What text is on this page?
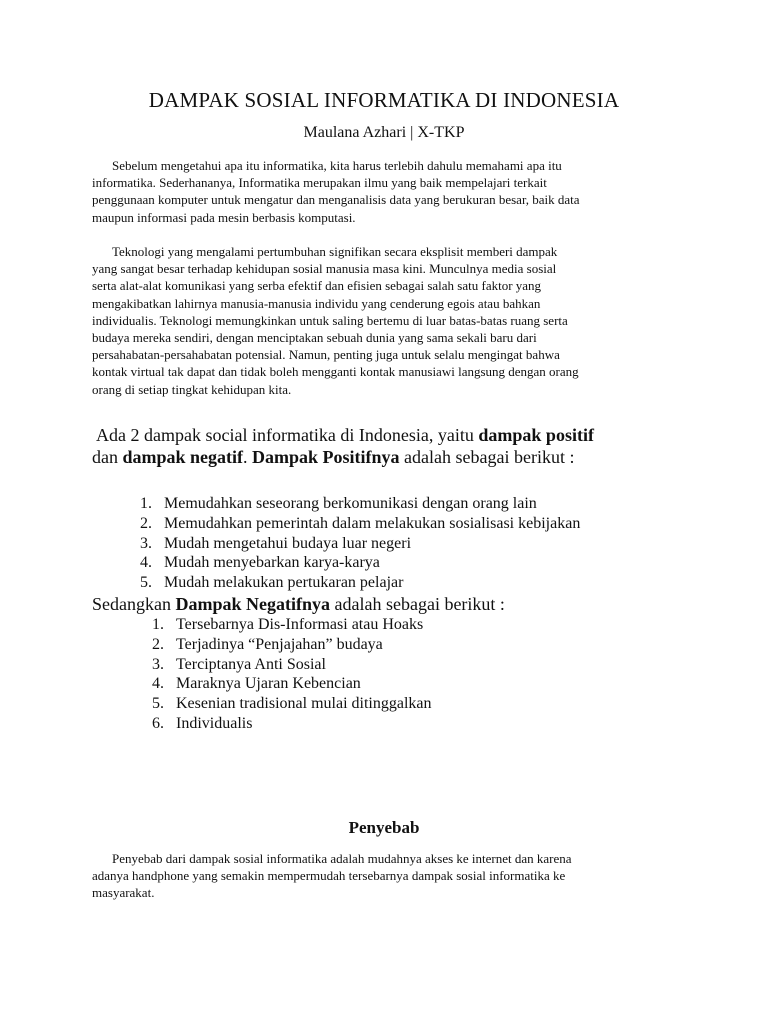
DAMPAK SOSIAL INFORMATIKA DI INDONESIA
Maulana Azhari | X-TKP
Sebelum mengetahui apa itu informatika, kita harus terlebih dahulu memahami apa itu
informatika. Sederhananya, Informatika merupakan ilmu yang baik mempelajari terkait
penggunaan komputer untuk mengatur dan menganalisis data yang berukuran besar, baik data
maupun informasi pada mesin berbasis komputasi.
Teknologi yang mengalami pertumbuhan signifikan secara eksplisit memberi dampak
yang sangat besar terhadap kehidupan sosial manusia masa kini. Munculnya media sosial
serta alat-alat komunikasi yang serba efektif dan efisien sebagai salah satu faktor yang
mengakibatkan lahirnya manusia-manusia individu yang cenderung egois atau bahkan
individualis. Teknologi memungkinkan untuk saling bertemu di luar batas-batas ruang serta
budaya mereka sendiri, dengan menciptakan sebuah dunia yang sama sekali baru dari
persahabatan-persahabatan potensial. Namun, penting juga untuk selalu mengingat bahwa
kontak virtual tak dapat dan tidak boleh mengganti kontak manusiawi langsung dengan orang
orang di setiap tingkat kehidupan kita.
Ada 2 dampak social informatika di Indonesia, yaitu dampak positif
dan dampak negatif. Dampak Positifnya adalah sebagai berikut :
1. Memudahkan seseorang berkomunikasi dengan orang lain
2. Memudahkan pemerintah dalam melakukan sosialisasi kebijakan
3. Mudah mengetahui budaya luar negeri
4. Mudah menyebarkan karya-karya
5. Mudah melakukan pertukaran pelajar
Sedangkan Dampak Negatifnya adalah sebagai berikut :
1. Tersebarnya Dis-Informasi atau Hoaks
2. Terjadinya “Penjajahan” budaya
3. Terciptanya Anti Sosial
4. Maraknya Ujaran Kebencian
5. Kesenian tradisional mulai ditinggalkan
6. Individualis
Penyebab
Penyebab dari dampak sosial informatika adalah mudahnya akses ke internet dan karena
adanya handphone yang semakin mempermudah tersebarnya dampak sosial informatika ke
masyarakat.
